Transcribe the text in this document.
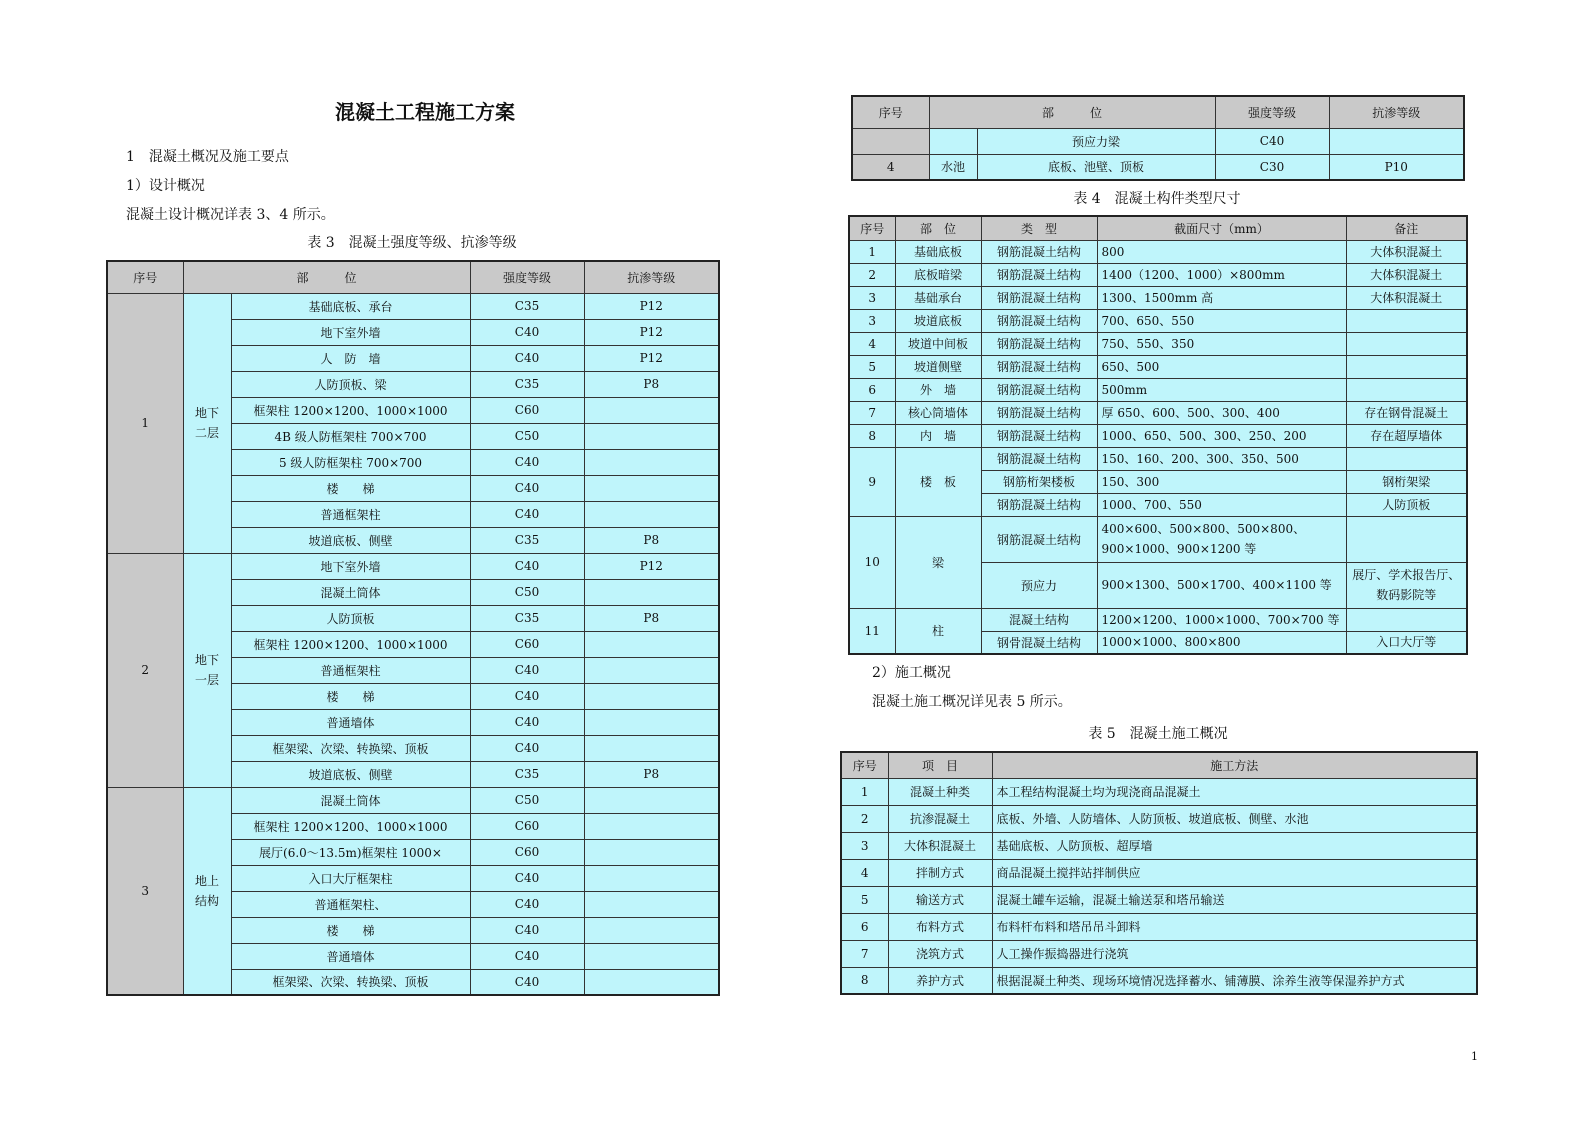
混凝土工程施工方案
1　混凝土概况及施工要点
1）设计概况
混凝土设计概况详表 3、4 所示。
表 3　混凝土强度等级、抗渗等级
序号	部　　　位		强度等级	抗渗等级
1	地下二层	基础底板、承台	C35	P12
		地下室外墙	C40	P12
		人　防　墙	C40	P12
		人防顶板、梁	C35	P8
		框架柱 1200×1200、1000×1000	C60	
		4B 级人防框架柱 700×700	C50	
		5 级人防框架柱 700×700	C40	
		楼　　梯	C40	
		普通框架柱	C40	
		坡道底板、侧壁	C35	P8
2	地下一层	地下室外墙	C40	P12
		混凝土筒体	C50	
		人防顶板	C35	P8
		框架柱 1200×1200、1000×1000	C60	
		普通框架柱	C40	
		楼　　梯	C40	
		普通墙体	C40	
		框架梁、次梁、转换梁、顶板	C40	
		坡道底板、侧壁	C35	P8
3	地上结构	混凝土筒体	C50	
		框架柱 1200×1200、1000×1000	C60	
		展厅(6.0～13.5m)框架柱 1000×	C60	
		入口大厅框架柱	C40	
		普通框架柱、	C40	
		楼　　梯	C40	
		普通墙体	C40	
		框架梁、次梁、转换梁、顶板	C40	
序号	部　　　位		强度等级	抗渗等级
		预应力梁	C40	
4	水池	底板、池壁、顶板	C30	P10
表 4　混凝土构件类型尺寸
序号	部　位	类　型	截面尺寸（mm）	备注
1	基础底板	钢筋混凝土结构	800	大体积混凝土
2	底板暗梁	钢筋混凝土结构	1400（1200、1000）×800mm	大体积混凝土
3	基础承台	钢筋混凝土结构	1300、1500mm 高	大体积混凝土
3	坡道底板	钢筋混凝土结构	700、650、550	
4	坡道中间板	钢筋混凝土结构	750、550、350	
5	坡道侧壁	钢筋混凝土结构	650、500	
6	外　墙	钢筋混凝土结构	500mm	
7	核心筒墙体	钢筋混凝土结构	厚 650、600、500、300、400	存在钢骨混凝土
8	内　墙	钢筋混凝土结构	1000、650、500、300、250、200	存在超厚墙体
9	楼　板	钢筋混凝土结构	150、160、200、300、350、500	
		钢筋桁架楼板	150、300	钢桁架梁
		钢筋混凝土结构	1000、700、550	人防顶板
10	梁	钢筋混凝土结构	400×600、500×800、500×800、900×1000、900×1200 等	
		预应力	900×1300、500×1700、400×1100 等	展厅、学术报告厅、数码影院等
11	柱	混凝土结构	1200×1200、1000×1000、700×700 等	
		钢骨混凝土结构	1000×1000、800×800	入口大厅等
2）施工概况
混凝土施工概况详见表 5 所示。
表 5　混凝土施工概况
序号	项　目	施工方法
1	混凝土种类	本工程结构混凝土均为现浇商品混凝土
2	抗渗混凝土	底板、外墙、人防墙体、人防顶板、坡道底板、侧壁、水池
3	大体积混凝土	基础底板、人防顶板、超厚墙
4	拌制方式	商品混凝土搅拌站拌制供应
5	输送方式	混凝土罐车运输，混凝土输送泵和塔吊输送
6	布料方式	布料杆布料和塔吊吊斗卸料
7	浇筑方式	人工操作振捣器进行浇筑
8	养护方式	根据混凝土种类、现场环境情况选择蓄水、铺薄膜、涂养生液等保湿养护方式
1
